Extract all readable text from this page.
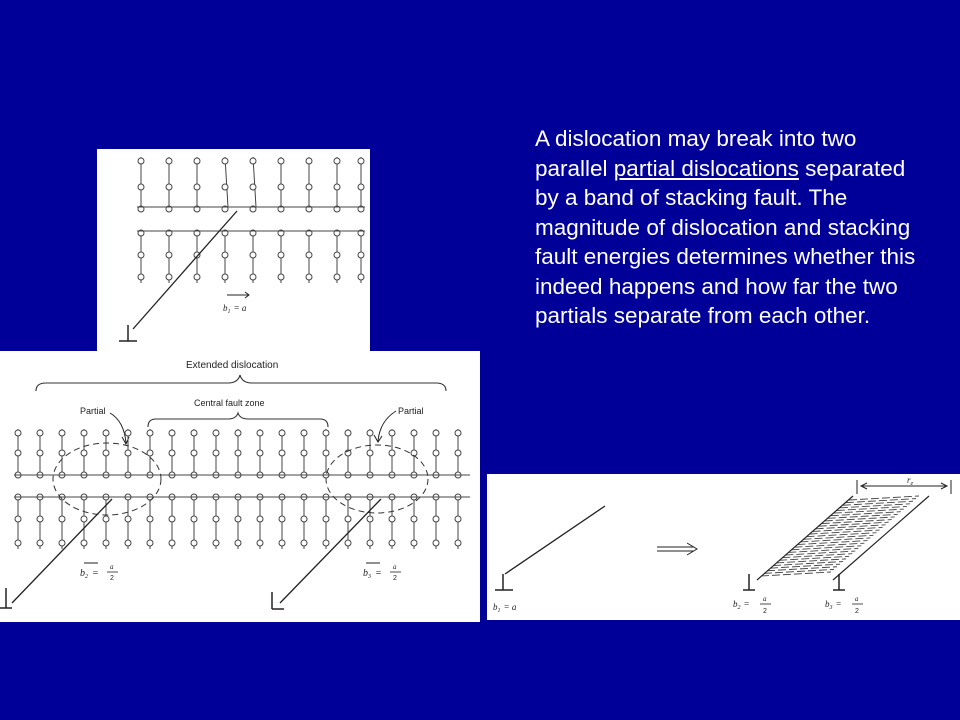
$b_1 = a$
Extended dislocation
Central fault zone
Partial	Partial
$b_2$ =
a
2	$b_3$ =
a
2
$b_1 = a$
$r_e$
$b_2 = a$
2
$b_3 = a$
2
A dislocation may break into two parallel partial dislocations separated by a band of stacking fault. The magnitude of dislocation and stacking fault energies determines whether this indeed happens and how far the two partials separate from each other.
